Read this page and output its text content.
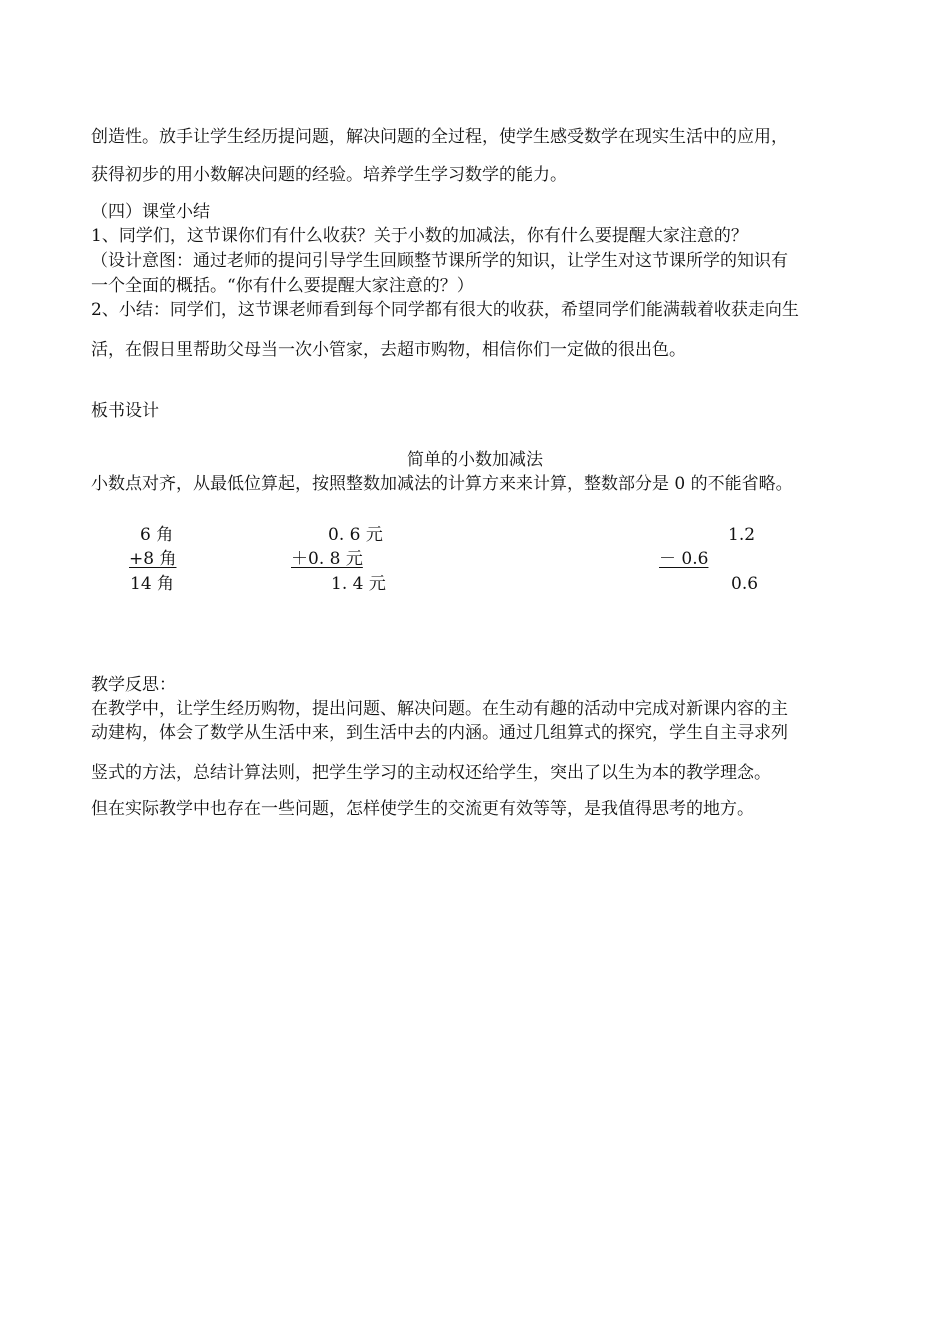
创造性。放手让学生经历提问题，解决问题的全过程，使学生感受数学在现实生活中的应用，
获得初步的用小数解决问题的经验。培养学生学习数学的能力。
（四）课堂小结
1、同学们，这节课你们有什么收获？关于小数的加减法，你有什么要提醒大家注意的？
（设计意图：通过老师的提问引导学生回顾整节课所学的知识，让学生对这节课所学的知识有
一个全面的概括。“你有什么要提醒大家注意的？）
2、小结：同学们，这节课老师看到每个同学都有很大的收获，希望同学们能满载着收获走向生
活，在假日里帮助父母当一次小管家，去超市购物，相信你们一定做的很出色。
板书设计
简单的小数加减法
小数点对齐，从最低位算起，按照整数加减法的计算方来来计算，整数部分是 0 的不能省略。
6 角
+8 角
14 角
0. 6 元
＋0. 8 元
1. 4 元
1.2
－ 0.6
0.6
教学反思：
在教学中，让学生经历购物，提出问题、解决问题。在生动有趣的活动中完成对新课内容的主
动建构，体会了数学从生活中来，到生活中去的内涵。通过几组算式的探究，学生自主寻求列
竖式的方法，总结计算法则，把学生学习的主动权还给学生，突出了以生为本的教学理念。
但在实际教学中也存在一些问题，怎样使学生的交流更有效等等，是我值得思考的地方。
